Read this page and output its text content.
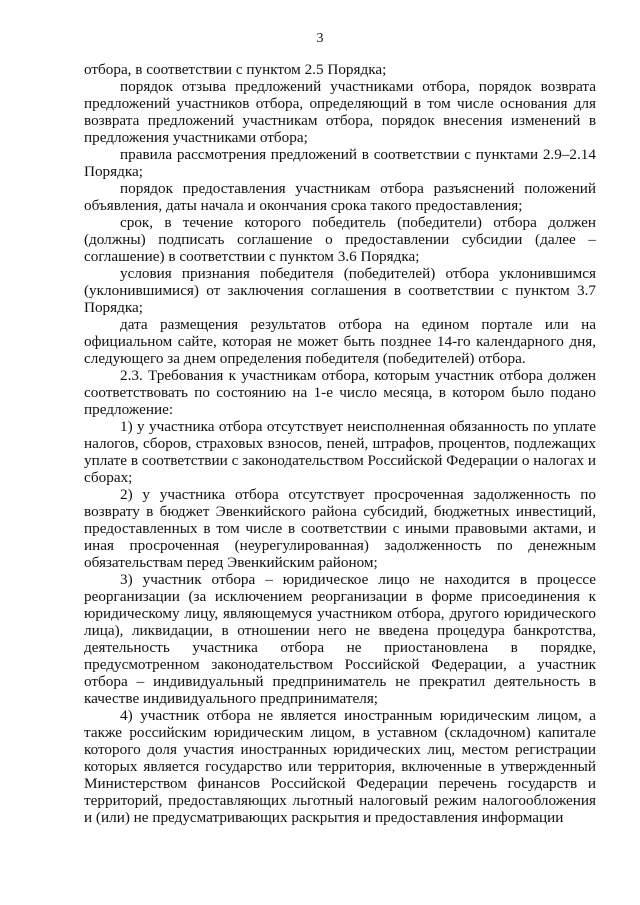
3

отбора, в соответствии с пунктом 2.5 Порядка;

порядок отзыва предложений участниками отбора, порядок возврата предложений участников отбора, определяющий в том числе основания для возврата предложений участникам отбора, порядок внесения изменений в предложения участниками отбора;

правила рассмотрения предложений в соответствии с пунктами 2.9–2.14 Порядка;

порядок предоставления участникам отбора разъяснений положений объявления, даты начала и окончания срока такого предоставления;

срок, в течение которого победитель (победители) отбора должен (должны) подписать соглашение о предоставлении субсидии (далее – соглашение) в соответствии с пунктом 3.6 Порядка;

условия признания победителя (победителей) отбора уклонившимся (уклонившимися) от заключения соглашения в соответствии с пунктом 3.7 Порядка;

дата размещения результатов отбора на едином портале или на официальном сайте, которая не может быть позднее 14-го календарного дня, следующего за днем определения победителя (победителей) отбора.

2.3. Требования к участникам отбора, которым участник отбора должен соответствовать по состоянию на 1-е число месяца, в котором было подано предложение:

1) у участника отбора отсутствует неисполненная обязанность по уплате налогов, сборов, страховых взносов, пеней, штрафов, процентов, подлежащих уплате в соответствии с законодательством Российской Федерации о налогах и сборах;

2) у участника отбора отсутствует просроченная задолженность по возврату в бюджет Эвенкийского района субсидий, бюджетных инвестиций, предоставленных в том числе в соответствии с иными правовыми актами, и иная просроченная (неурегулированная) задолженность по денежным обязательствам перед Эвенкийским районом;

3) участник отбора – юридическое лицо не находится в процессе реорганизации (за исключением реорганизации в форме присоединения к юридическому лицу, являющемуся участником отбора, другого юридического лица), ликвидации, в отношении него не введена процедура банкротства, деятельность участника отбора не приостановлена в порядке, предусмотренном законодательством Российской Федерации, а участник отбора – индивидуальный предприниматель не прекратил деятельность в качестве индивидуального предпринимателя;

4) участник отбора не является иностранным юридическим лицом, а также российским юридическим лицом, в уставном (складочном) капитале которого доля участия иностранных юридических лиц, местом регистрации которых является государство или территория, включенные в утвержденный Министерством финансов Российской Федерации перечень государств и территорий, предоставляющих льготный налоговый режим налогообложения и (или) не предусматривающих раскрытия и предоставления информации
